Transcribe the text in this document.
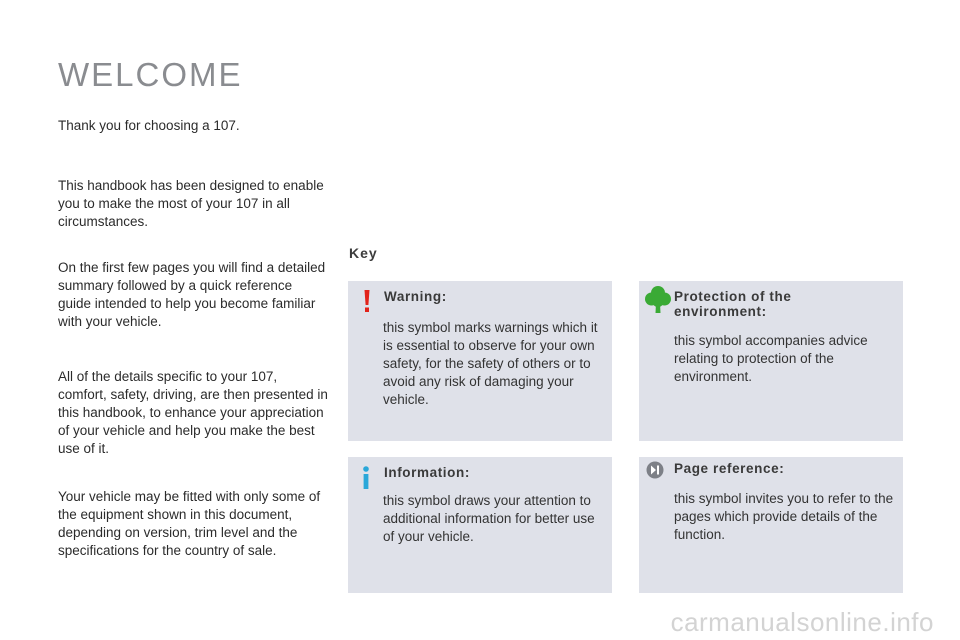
WELCOME
Thank you for choosing a 107.
This handbook has been designed to enable you to make the most of your 107 in all circumstances.
On the first few pages you will find a detailed summary followed by a quick reference guide intended to help you become familiar with your vehicle.
All of the details specific to your 107, comfort, safety, driving, are then presented in this handbook, to enhance your appreciation of your vehicle and help you make the best use of it.
Your vehicle may be fitted with only some of the equipment shown in this document, depending on version, trim level and the specifications for the country of sale.
Key
Warning:
this symbol marks warnings which it is essential to observe for your own safety, for the safety of others or to avoid any risk of damaging your vehicle.
Protection of the environment:
this symbol accompanies advice relating to protection of the environment.
Information:
this symbol draws your attention to additional information for better use of your vehicle.
Page reference:
this symbol invites you to refer to the pages which provide details of the function.
carmanualsonline.info
